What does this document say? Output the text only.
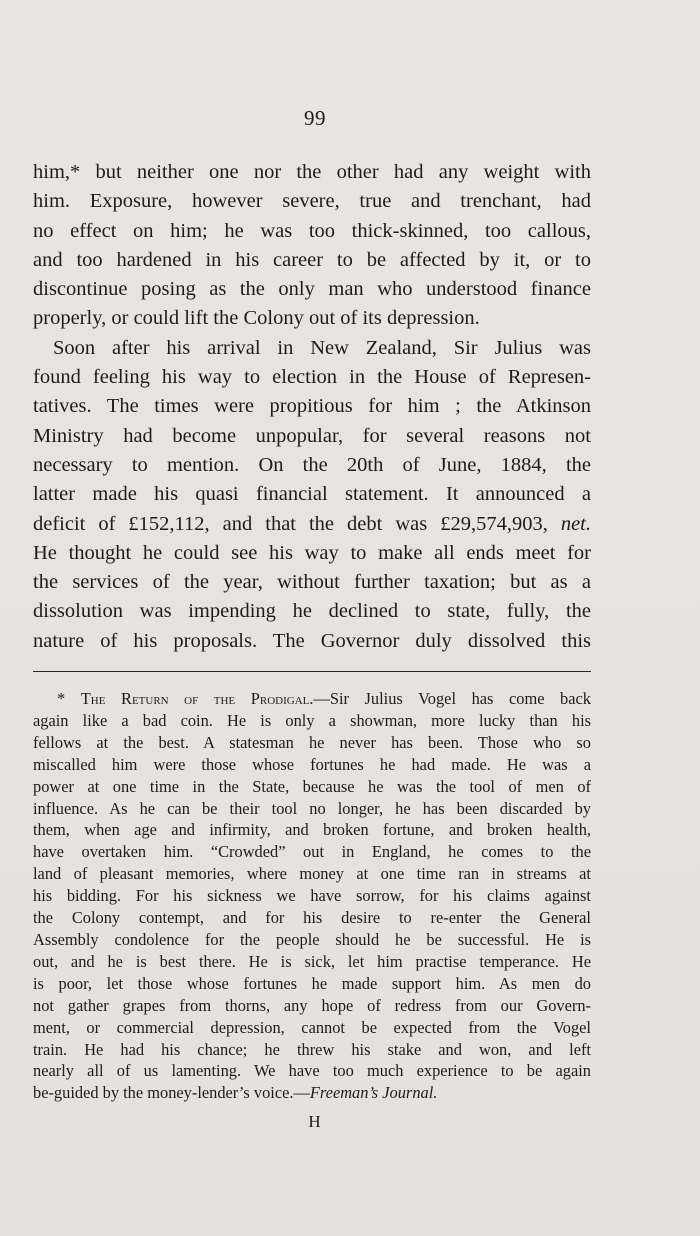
99
him,* but neither one nor the other had any weight with
him. Exposure, however severe, true and trenchant, had
no effect on him; he was too thick-skinned, too callous,
and too hardened in his career to be affected by it, or to
discontinue posing as the only man who understood finance
properly, or could lift the Colony out of its depression.
Soon after his arrival in New Zealand, Sir Julius was
found feeling his way to election in the House of Represen-
tatives. The times were propitious for him ; the Atkinson
Ministry had become unpopular, for several reasons not
necessary to mention. On the 20th of June, 1884, the
latter made his quasi financial statement. It announced a
deficit of £152,112, and that the debt was £29,574,903, net.
He thought he could see his way to make all ends meet for
the services of the year, without further taxation; but as a
dissolution was impending he declined to state, fully, the
nature of his proposals. The Governor duly dissolved this
* The Return of the Prodigal.—Sir Julius Vogel has come back
again like a bad coin. He is only a showman, more lucky than his
fellows at the best. A statesman he never has been. Those who so
miscalled him were those whose fortunes he had made. He was a
power at one time in the State, because he was the tool of men of
influence. As he can be their tool no longer, he has been discarded by
them, when age and infirmity, and broken fortune, and broken health,
have overtaken him. “Crowded” out in England, he comes to the
land of pleasant memories, where money at one time ran in streams at
his bidding. For his sickness we have sorrow, for his claims against
the Colony contempt, and for his desire to re-enter the General
Assembly condolence for the people should he be successful. He is
out, and he is best there. He is sick, let him practise temperance. He
is poor, let those whose fortunes he made support him. As men do
not gather grapes from thorns, any hope of redress from our Govern-
ment, or commercial depression, cannot be expected from the Vogel
train. He had his chance; he threw his stake and won, and left
nearly all of us lamenting. We have too much experience to be again
be-guided by the money-lender’s voice.—Freeman’s Journal.
H
